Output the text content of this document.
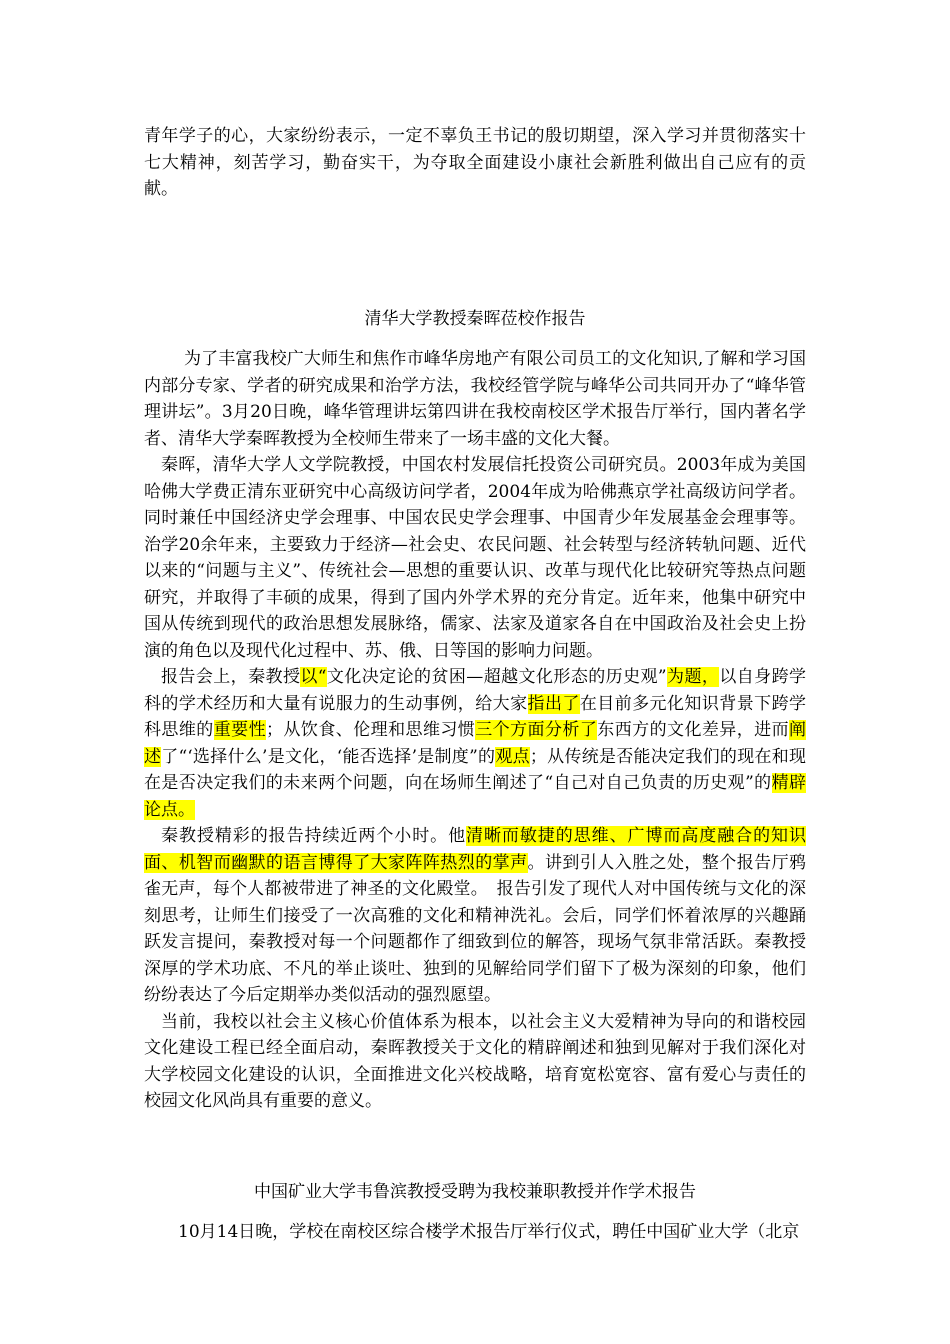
青年学子的心，大家纷纷表示，一定不辜负王书记的殷切期望，深入学习并贯彻落实十七大精神，刻苦学习，勤奋实干，为夺取全面建设小康社会新胜利做出自己应有的贡献。

清华大学教授秦晖莅校作报告

为了丰富我校广大师生和焦作市峰华房地产有限公司员工的文化知识,了解和学习国内部分专家、学者的研究成果和治学方法，我校经管学院与峰华公司共同开办了“峰华管理讲坛”。3月20日晚，峰华管理讲坛第四讲在我校南校区学术报告厅举行，国内著名学者、清华大学秦晖教授为全校师生带来了一场丰盛的文化大餐。

秦晖，清华大学人文学院教授，中国农村发展信托投资公司研究员。2003年成为美国哈佛大学费正清东亚研究中心高级访问学者，2004年成为哈佛燕京学社高级访问学者。同时兼任中国经济史学会理事、中国农民史学会理事、中国青少年发展基金会理事等。治学20余年来，主要致力于经济—社会史、农民问题、社会转型与经济转轨问题、近代以来的“问题与主义”、传统社会—思想的重要认识、改革与现代化比较研究等热点问题研究，并取得了丰硕的成果，得到了国内外学术界的充分肯定。近年来，他集中研究中国从传统到现代的政治思想发展脉络，儒家、法家及道家各自在中国政治及社会史上扮演的角色以及现代化过程中、苏、俄、日等国的影响力问题。

报告会上，秦教授以“文化决定论的贫困—超越文化形态的历史观”为题，以自身跨学科的学术经历和大量有说服力的生动事例，给大家指出了在目前多元化知识背景下跨学科思维的重要性；从饮食、伦理和思维习惯三个方面分析了东西方的文化差异，进而阐述了“‘选择什么’是文化，‘能否选择’是制度”的观点；从传统是否能决定我们的现在和现在是否决定我们的未来两个问题，向在场师生阐述了“自己对自己负责的历史观”的精辟论点。

秦教授精彩的报告持续近两个小时。他清晰而敏捷的思维、广博而高度融合的知识面、机智而幽默的语言博得了大家阵阵热烈的掌声。讲到引人入胜之处，整个报告厅鸦雀无声，每个人都被带进了神圣的文化殿堂。　报告引发了现代人对中国传统与文化的深刻思考，让师生们接受了一次高雅的文化和精神洗礼。会后，同学们怀着浓厚的兴趣踊跃发言提问，秦教授对每一个问题都作了细致到位的解答，现场气氛非常活跃。秦教授深厚的学术功底、不凡的举止谈吐、独到的见解给同学们留下了极为深刻的印象，他们纷纷表达了今后定期举办类似活动的强烈愿望。

当前，我校以社会主义核心价值体系为根本，以社会主义大爱精神为导向的和谐校园文化建设工程已经全面启动，秦晖教授关于文化的精辟阐述和独到见解对于我们深化对大学校园文化建设的认识，全面推进文化兴校战略，培育宽松宽容、富有爱心与责任的校园文化风尚具有重要的意义。

中国矿业大学韦鲁滨教授受聘为我校兼职教授并作学术报告

10月14日晚，学校在南校区综合楼学术报告厅举行仪式，聘任中国矿业大学（北京
